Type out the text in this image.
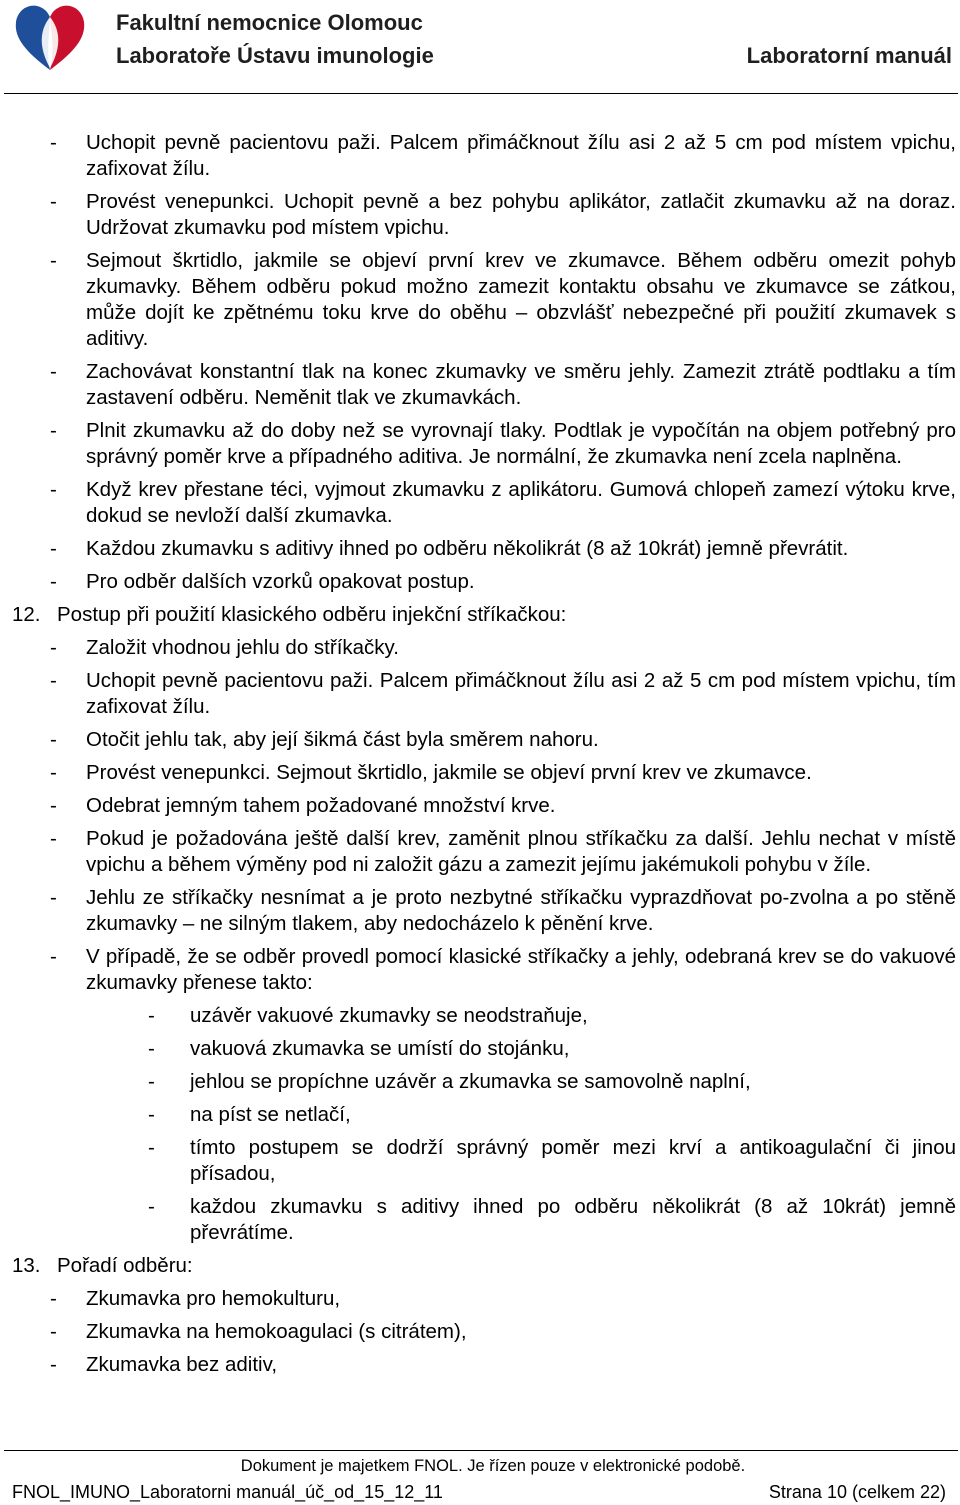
Fakultní nemocnice Olomouc
Laboratoře Ústavu imunologie	Laboratorní manuál
- Uchopit pevně pacientovu paži. Palcem přimáčknout žílu asi 2 až 5 cm pod místem vpichu, zafixovat žílu.
- Provést venepunkci. Uchopit pevně a bez pohybu aplikátor, zatlačit zkumavku až na doraz. Udržovat zkumavku pod místem vpichu.
- Sejmout škrtidlo, jakmile se objeví první krev ve zkumavce. Během odběru omezit pohyb zkumavky. Během odběru pokud možno zamezit kontaktu obsahu ve zkumavce se zátkou, může dojít ke zpětnému toku krve do oběhu – obzvlášť nebezpečné při použití zkumavek s aditivy.
- Zachovávat konstantní tlak na konec zkumavky ve směru jehly. Zamezit ztrátě podtlaku a tím zastavení odběru. Neměnit tlak ve zkumavkách.
- Plnit zkumavku až do doby než se vyrovnají tlaky. Podtlak je vypočítán na objem potřebný pro správný poměr krve a případného aditiva. Je normální, že zkumavka není zcela naplněna.
- Když krev přestane téci, vyjmout zkumavku z aplikátoru. Gumová chlopeň zamezí výtoku krve, dokud se nevloží další zkumavka.
- Každou zkumavku s aditivy ihned po odběru několikrát (8 až 10krát) jemně převrátit.
- Pro odběr dalších vzorků opakovat postup.
12. Postup při použití klasického odběru injekční stříkačkou:
- Založit vhodnou jehlu do stříkačky.
- Uchopit pevně pacientovu paži. Palcem přimáčknout žílu asi 2 až 5 cm pod místem vpichu, tím zafixovat žílu.
- Otočit jehlu tak, aby její šikmá část byla směrem nahoru.
- Provést venepunkci. Sejmout škrtidlo, jakmile se objeví první krev ve zkumavce.
- Odebrat jemným tahem požadované množství krve.
- Pokud je požadována ještě další krev, zaměnit plnou stříkačku za další. Jehlu nechat v místě vpichu a během výměny pod ni založit gázu a zamezit jejímu jakémukoli pohybu v žíle.
- Jehlu ze stříkačky nesnímat a je proto nezbytné stříkačku vyprazdňovat po-zvolna a po stěně zkumavky – ne silným tlakem, aby nedocházelo k pěnění krve.
- V případě, že se odběr provedl pomocí klasické stříkačky a jehly, odebraná krev se do vakuové zkumavky přenese takto:
- uzávěr vakuové zkumavky se neodstraňuje,
- vakuová zkumavka se umístí do stojánku,
- jehlou se propíchne uzávěr a zkumavka se samovolně naplní,
- na píst se netlačí,
- tímto postupem se dodrží správný poměr mezi krví a antikoagulační či jinou přísadou,
- každou zkumavku s aditivy ihned po odběru několikrát (8 až 10krát) jemně převrátíme.
13. Pořadí odběru:
- Zkumavka pro hemokulturu,
- Zkumavka na hemokoagulaci (s citrátem),
- Zkumavka bez aditiv,
Dokument je majetkem FNOL. Je řízen pouze v elektronické podobě.
FNOL_IMUNO_Laboratorni manuál_úč_od_15_12_11	Strana 10 (celkem 22)
